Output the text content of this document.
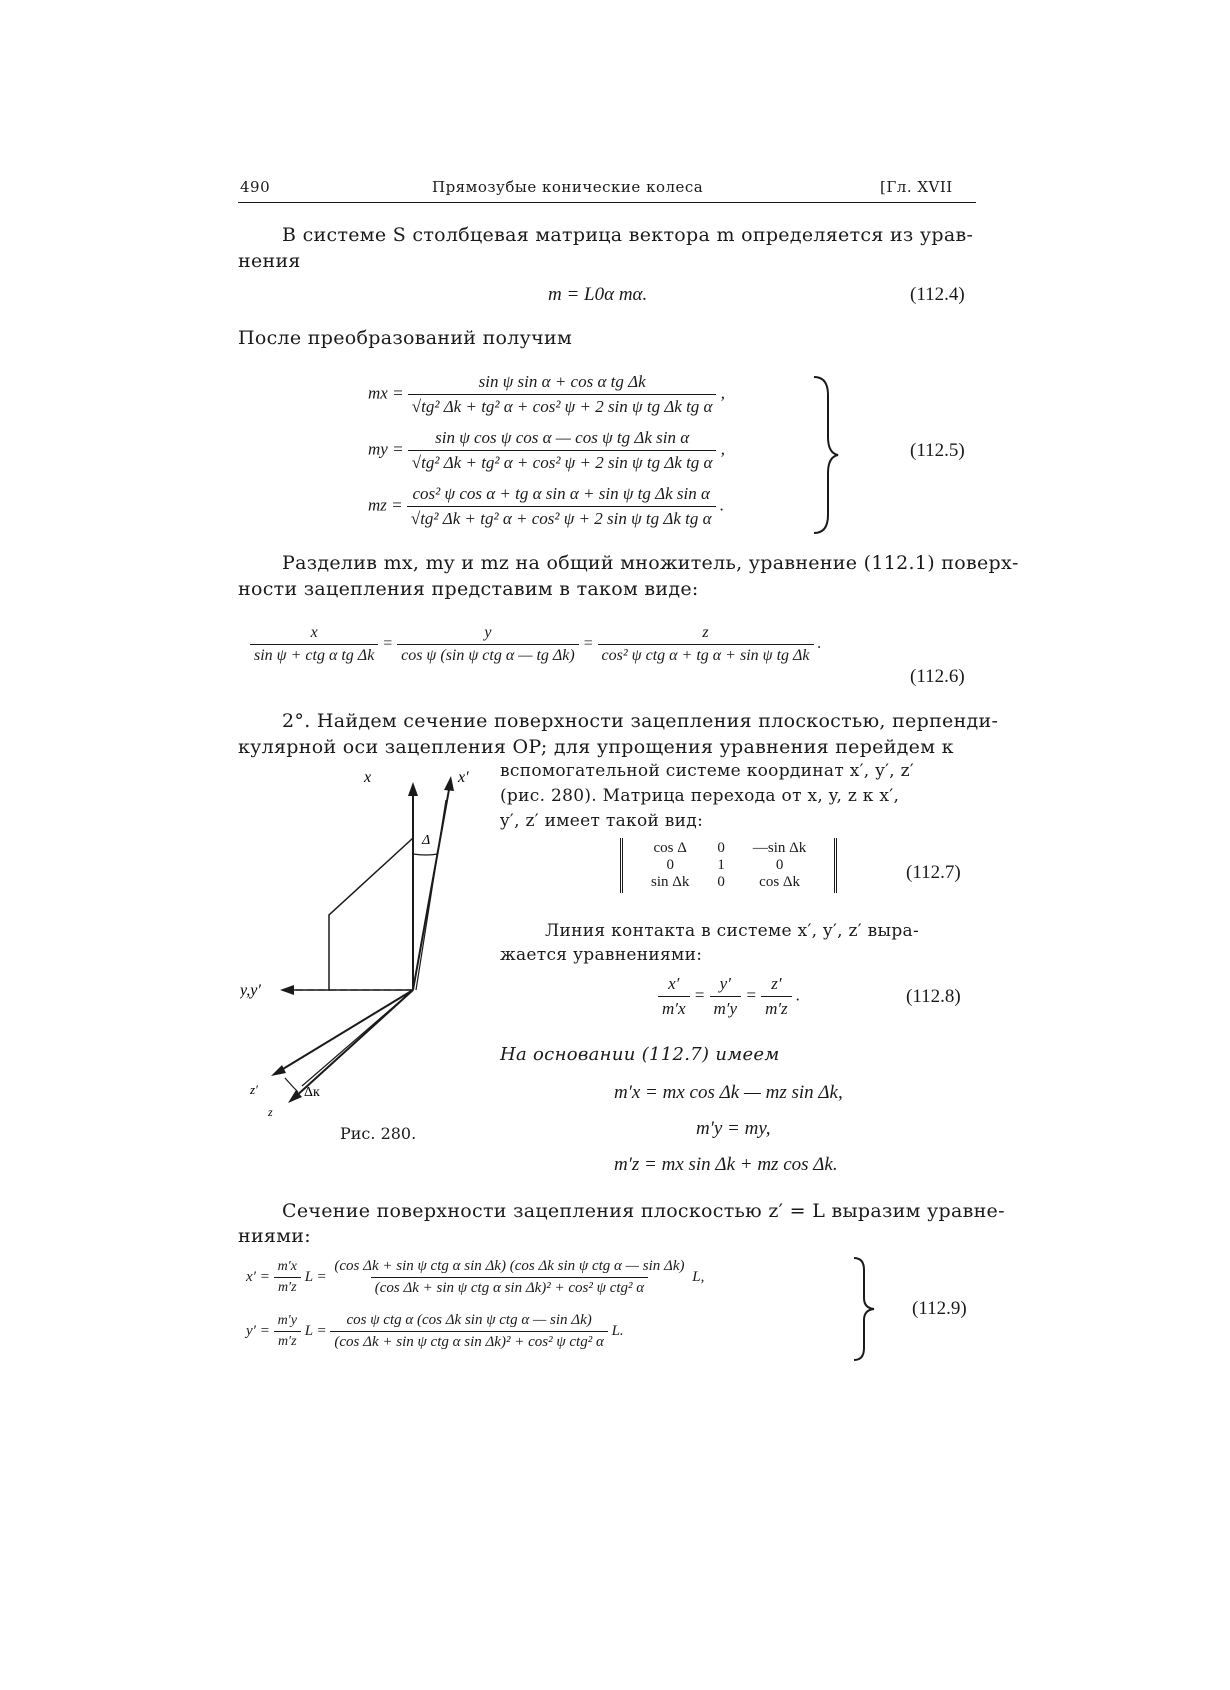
490	Прямозубые конические колеса	[Гл. XVII
В системе S столбцевая матрица вектора m определяется из урав-
нения
m = L0α mα.	(112.4)
После преобразований получим
mx = $\frac{\text{sin ψ sin α + cos α tg Δk}}{\text{√tg² Δk + tg² α + cos² ψ + 2 sin ψ tg Δk tg α}}$ ,
my = $\frac{\text{sin ψ cos ψ cos α — cos ψ tg Δk sin α}}{\text{√tg² Δk + tg² α + cos² ψ + 2 sin ψ tg Δk tg α}}$ ,
mz = $\frac{\text{cos² ψ cos α + tg α sin α + sin ψ tg Δk sin α}}{\text{√tg² Δk + tg² α + cos² ψ + 2 sin ψ tg Δk tg α}}$ .
(112.5)
Разделив mx, my и mz на общий множитель, уравнение (112.1) поверх-
ности зацепления представим в таком виде:
$\frac{x}{\text{sin ψ + ctg α tg Δk}} = \frac{y}{\text{cos ψ (sin ψ ctg α — tg Δk)}} = \frac{z}{\text{cos² ψ ctg α + tg α + sin ψ tg Δk}}$ .
(112.6)
2°. Найдем сечение поверхности зацепления плоскостью, перпенди-
кулярной оси зацепления OP; для упрощения уравнения перейдем к
вспомогательной системе координат x′, y′, z′
(рис. 280). Матрица перехода от x, y, z к x′,
y′, z′ имеет такой вид:
cos Δ	0	—sin Δk
0	1	0
sin Δk	0	cos Δk	(112.7)
Линия контакта в системе x′, y′, z′ выра-
жается уравнениями:
$\frac{x'}{m'x} = \frac{y'}{m'y} = \frac{z'}{m'z}$ .	(112.8)
На основании (112.7) имеем
m′x = mx cos Δk — mz sin Δk,
m′y = my,
m′z = mx sin Δk + mz cos Δk.
x	x′
Δ
y,y′
z′
z
Δк
Рис. 280.
Сечение поверхности зацепления плоскостью z′ = L выразим уравне-
ниями:
$x' = \frac{m'x}{m'z}$ $L = \frac{\text{(cos Δk + sin ψ ctg α sin Δk) (cos Δk sin ψ ctg α — sin Δk)}}{\text{(cos Δk + sin ψ ctg α sin Δk)² + cos² ψ ctg² α}} L$,
$y' = \frac{m'y}{m'z}$ $L = \frac{\text{cos ψ ctg α (cos Δk sin ψ ctg α — sin Δk)}}{\text{(cos Δk + sin ψ ctg α sin Δk)² + cos² ψ ctg² α}} L$.
(112.9)
